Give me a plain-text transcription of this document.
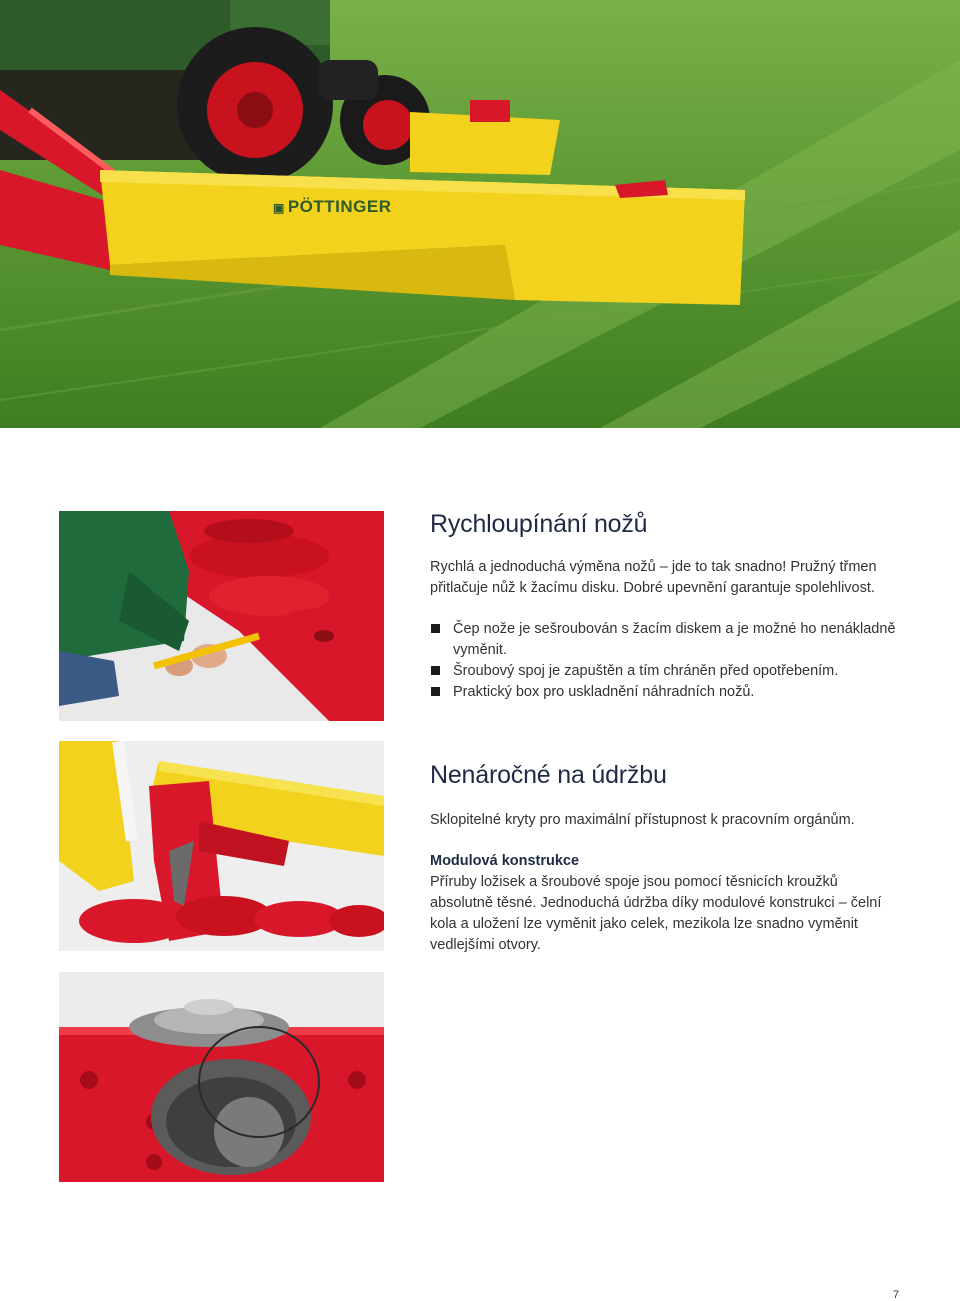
▣ PÖTTINGER
Rychloupínání nožů

Rychlá a jednoduchá výměna nožů – jde to tak snadno! Pružný třmen
přitlačuje nůž k žacímu disku. Dobré upevnění garantuje spolehlivost.

Čep nože je sešroubován s žacím diskem a je možné ho nenákladně
vyměnit.
Šroubový spoj je zapuštěn a tím chráněn před opotřebením.
Praktický box pro uskladnění náhradních nožů.
Nenáročné na údržbu

Sklopitelné kryty pro maximální přístupnost k pracovním orgánům.

Modulová konstrukce

Příruby ložisek a šroubové spoje jsou pomocí těsnicích kroužků
absolutně těsné. Jednoduchá údržba díky modulové konstrukci – čelní
kola a uložení lze vyměnit jako celek, mezikola lze snadno vyměnit
vedlejšími otvory.

7
